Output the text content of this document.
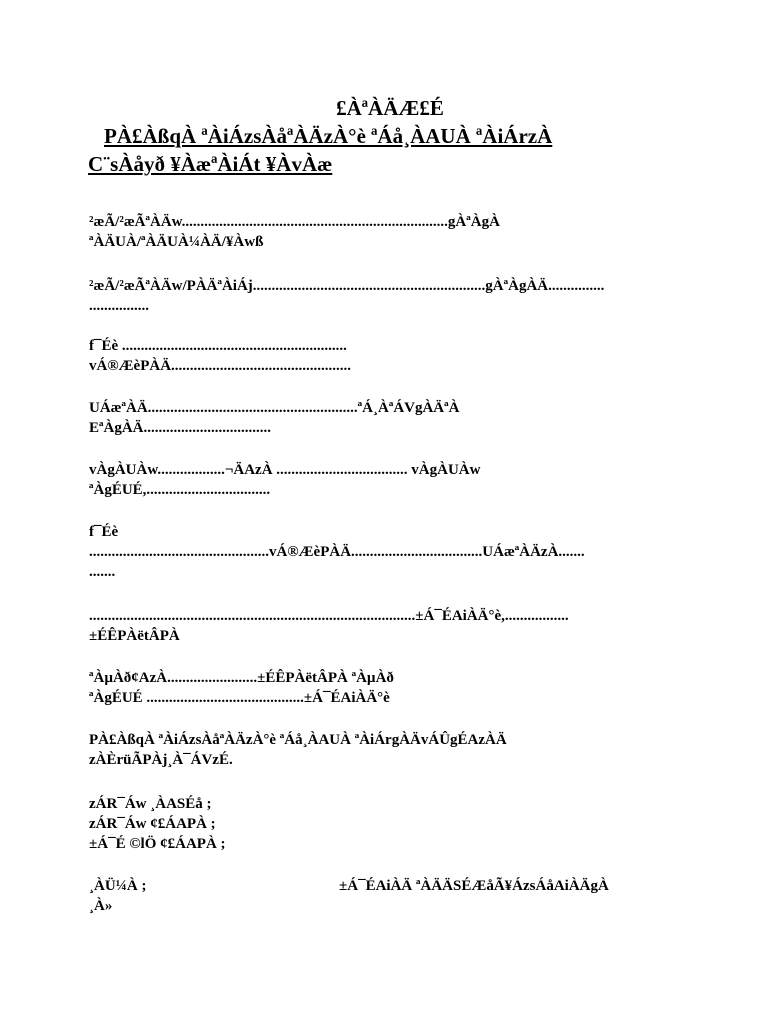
£ÀªÀÄÆ£É
PÀ£ÀßqÀ ªÀiÁzsÀåªÀÄzÀ°è ªÁå¸ÀAUÀ ªÀiÁrzÀ
C¨sÀåyð ¥ÀæªÀiÁt ¥ÀvÀæ
²æÃ/²æÃªÀÄw.......................................................................gÀªÀgÀ
ªÀÄUÀ/ªÀÄUÀ¼ÀÄ/¥Àwß
²æÃ/²æÃªÀÄw/PÀÄªÀiÁj..............................................................gÀªÀgÀÄ...............
................
f¯Éè ............................................................
vÁ®ÆèPÀÄ................................................
UÁæªÀÄ........................................................ªÁ¸ÀªÁVgÀÄªÀ
EªÀgÀÄ..................................
vÀgÀUÀw..................¬ÄAzÀ ................................... vÀgÀUÀw
ªÀgÉUÉ,.................................
f¯Éè
................................................vÁ®ÆèPÀÄ...................................UÁæªÀÄzÀ.......
.......
.......................................................................................±Á¯ÉAiÀÄ°è,.................
±ÉÊPÀëtÂPÀ
ªÀµÀð¢AzÀ........................±ÉÊPÀëtÂPÀ ªÀµÀð
ªÀgÉUÉ ..........................................±Á¯ÉAiÀÄ°è
PÀ£ÀßqÀ ªÀiÁzsÀåªÀÄzÀ°è ªÁå¸ÀAUÀ ªÀiÁrgÀÄvÁÛgÉAzÀÄ
zÀÈrüÃPÀj¸À¯ÁVzÉ.
zÁR¯Áw ¸ÀASÉå ;
zÁR¯Áw ¢£ÁAPÀ ;
±Á¯É ©lÖ ¢£ÁAPÀ ;
¸ÀÜ¼À ;	±Á¯ÉAiÀÄ ªÀÄÄSÉÆåÃ¥ÁzsÁåAiÀÄgÀ
¸À»
